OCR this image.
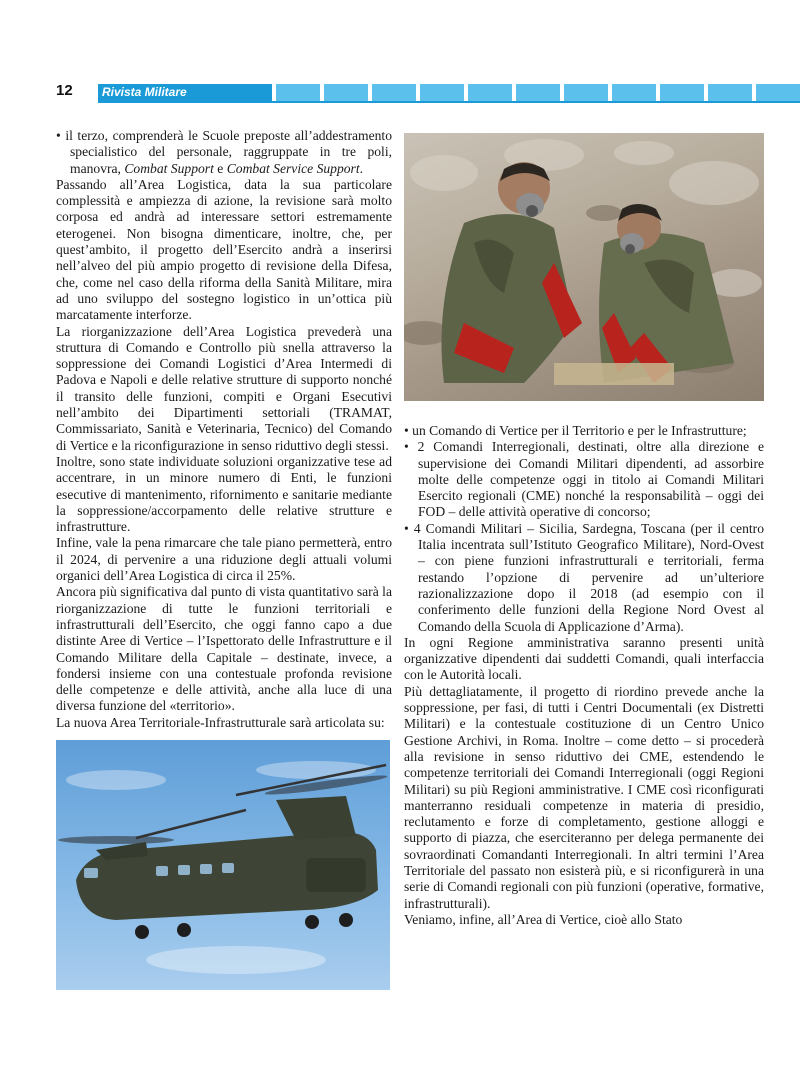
12	Rivista Militare

• il terzo, comprenderà le Scuole preposte all’addestramento specialistico del personale, raggruppate in tre poli, manovra, Combat Support e Combat Service Support.

Passando all’Area Logistica, data la sua particolare complessità e ampiezza di azione, la revisione sarà molto corposa ed andrà ad interessare settori estremamente eterogenei. Non bisogna dimenticare, inoltre, che, per quest’ambito, il progetto dell’Esercito andrà a inserirsi nell’alveo del più ampio progetto di revisione della Difesa, che, come nel caso della riforma della Sanità Militare, mira ad uno sviluppo del sostegno logistico in un’ottica più marcatamente interforze.

La riorganizzazione dell’Area Logistica prevederà una struttura di Comando e Controllo più snella attraverso la soppressione dei Comandi Logistici d’Area Intermedi di Padova e Napoli e delle relative strutture di supporto nonché il transito delle funzioni, compiti e Organi Esecutivi nell’ambito dei Dipartimenti settoriali (TRAMAT, Commissariato, Sanità e Veterinaria, Tecnico) del Comando di Vertice e la riconfigurazione in senso riduttivo degli stessi.

Inoltre, sono state individuate soluzioni organizzative tese ad accentrare, in un minore numero di Enti, le funzioni esecutive di mantenimento, rifornimento e sanitarie mediante la soppressione/accorpamento delle relative strutture e infrastrutture.

Infine, vale la pena rimarcare che tale piano permetterà, entro il 2024, di pervenire a una riduzione degli attuali volumi organici dell’Area Logistica di circa il 25%.

Ancora più significativa dal punto di vista quantitativo sarà la riorganizzazione di tutte le funzioni territoriali e infrastrutturali dell’Esercito, che oggi fanno capo a due distinte Aree di Vertice – l’Ispettorato delle Infrastrutture e il Comando Militare della Capitale – destinate, invece, a fondersi insieme con una contestuale profonda revisione delle competenze e delle attività, anche alla luce di una diversa funzione del «territorio».

La nuova Area Territoriale-Infrastrutturale sarà articolata su:

• un Comando di Vertice per il Territorio e per le Infrastrutture;

• 2 Comandi Interregionali, destinati, oltre alla direzione e supervisione dei Comandi Militari dipendenti, ad assorbire molte delle competenze oggi in titolo ai Comandi Militari Esercito regionali (CME) nonché la responsabilità – oggi dei FOD – delle attività operative di concorso;

• 4 Comandi Militari – Sicilia, Sardegna, Toscana (per il centro Italia incentrata sull’Istituto Geografico Militare), Nord-Ovest – con piene funzioni infrastrutturali e territoriali, ferma restando l’opzione di pervenire ad un’ulteriore razionalizzazione dopo il 2018 (ad esempio con il conferimento delle funzioni della Regione Nord Ovest al Comando della Scuola di Applicazione d’Arma).

In ogni Regione amministrativa saranno presenti unità organizzative dipendenti dai suddetti Comandi, quali interfaccia con le Autorità locali.

Più dettagliatamente, il progetto di riordino prevede anche la soppressione, per fasi, di tutti i Centri Documentali (ex Distretti Militari) e la contestuale costituzione di un Centro Unico Gestione Archivi, in Roma. Inoltre – come detto – si procederà alla revisione in senso riduttivo dei CME, estendendo le competenze territoriali dei Comandi Interregionali (oggi Regioni Militari) su più Regioni amministrative. I CME così riconfigurati manterranno residuali competenze in materia di presidio, reclutamento e forze di completamento, gestione alloggi e supporto di piazza, che eserciteranno per delega permanente dei sovraordinati Comandanti Interregionali. In altri termini l’Area Territoriale del passato non esisterà più, e si riconfigurerà in una serie di Comandi regionali con più funzioni (operative, formative, infrastrutturali).

Veniamo, infine, all’Area di Vertice, cioè allo Stato
